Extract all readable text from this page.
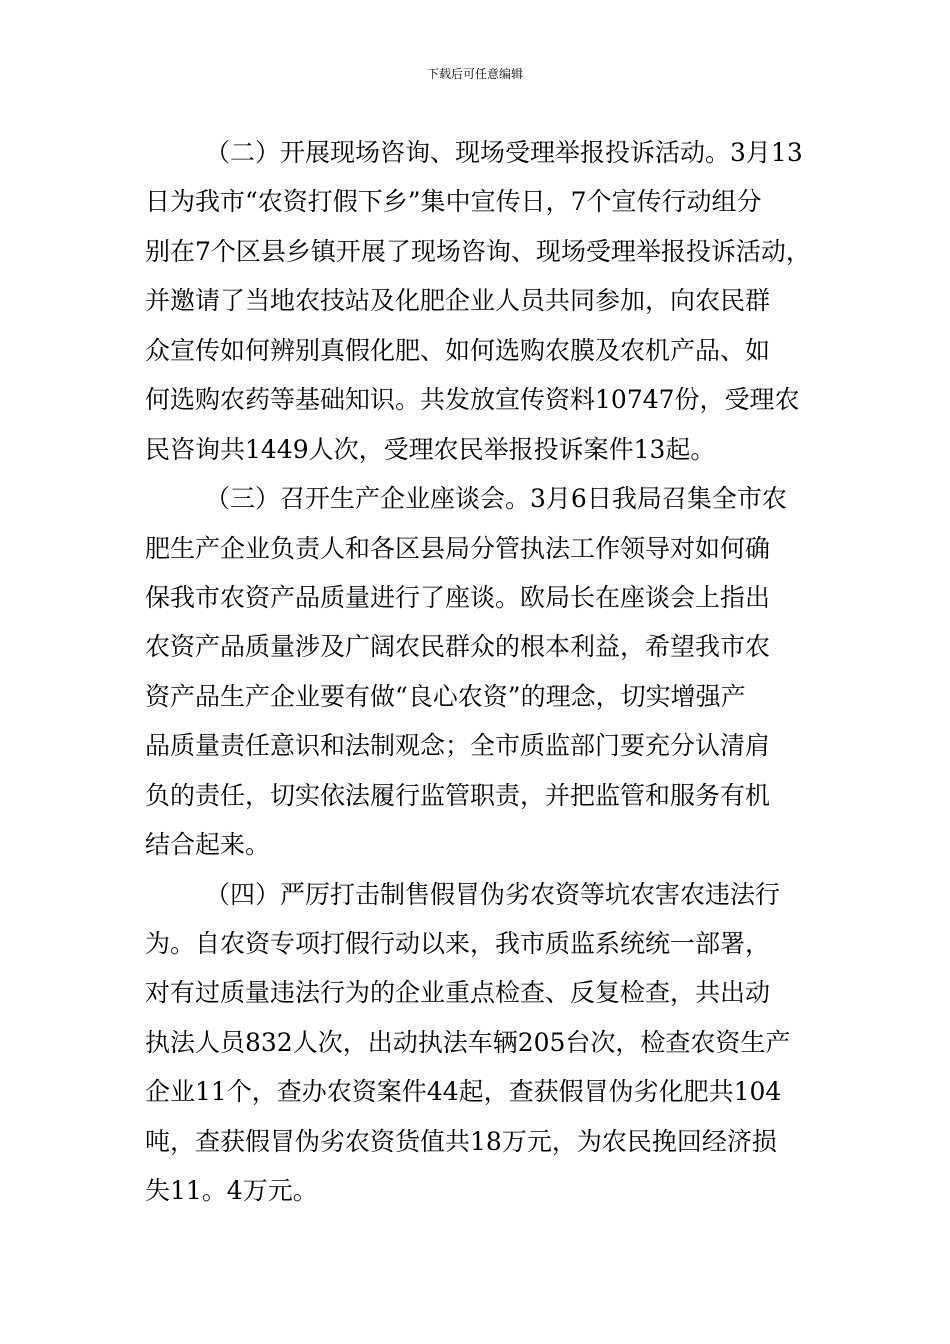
下载后可任意编辑
（二）开展现场咨询、现场受理举报投诉活动。3月13
日为我市“农资打假下乡”集中宣传日，7个宣传行动组分
别在7个区县乡镇开展了现场咨询、现场受理举报投诉活动，
并邀请了当地农技站及化肥企业人员共同参加，向农民群
众宣传如何辨别真假化肥、如何选购农膜及农机产品、如
何选购农药等基础知识。共发放宣传资料10747份，受理农
民咨询共1449人次，受理农民举报投诉案件13起。
（三）召开生产企业座谈会。3月6日我局召集全市农
肥生产企业负责人和各区县局分管执法工作领导对如何确
保我市农资产品质量进行了座谈。欧局长在座谈会上指出
农资产品质量涉及广阔农民群众的根本利益，希望我市农
资产品生产企业要有做“良心农资”的理念，切实增强产
品质量责任意识和法制观念；全市质监部门要充分认清肩
负的责任，切实依法履行监管职责，并把监管和服务有机
结合起来。
（四）严厉打击制售假冒伪劣农资等坑农害农违法行
为。自农资专项打假行动以来，我市质监系统统一部署，
对有过质量违法行为的企业重点检查、反复检查，共出动
执法人员832人次，出动执法车辆205台次，检查农资生产
企业11个，查办农资案件44起，查获假冒伪劣化肥共104
吨，查获假冒伪劣农资货值共18万元，为农民挽回经济损
失11。4万元。
